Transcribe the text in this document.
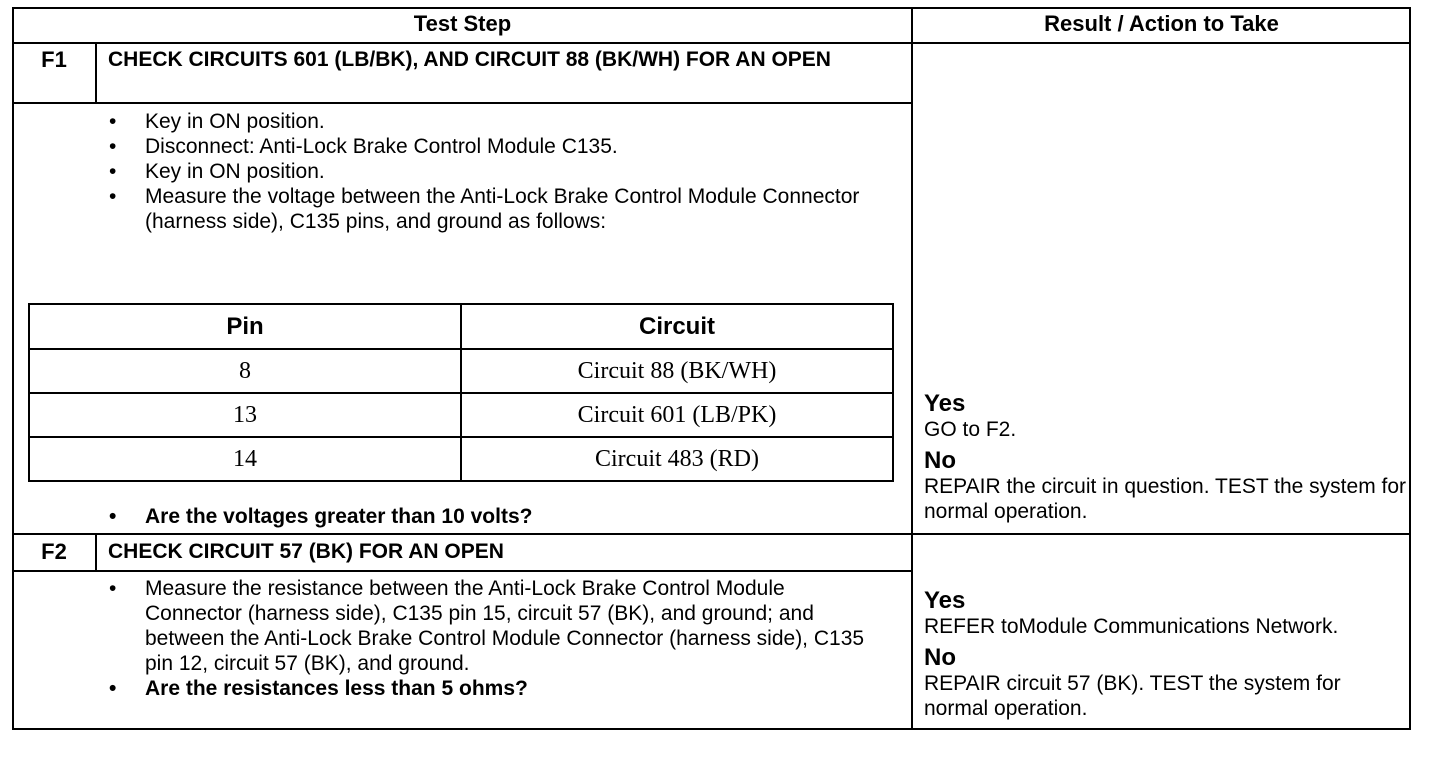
Test Step	Result / Action to Take
F1	CHECK CIRCUITS 601 (LB/BK), AND CIRCUIT 88 (BK/WH) FOR AN OPEN
• Key in ON position.
• Disconnect: Anti-Lock Brake Control Module C135.
• Key in ON position.
• Measure the voltage between the Anti-Lock Brake Control Module Connector (harness side), C135 pins, and ground as follows:
Pin	Circuit
8	Circuit 88 (BK/WH)
13	Circuit 601 (LB/PK)
14	Circuit 483 (RD)
• Are the voltages greater than 10 volts?
Yes
GO to F2.
No
REPAIR the circuit in question. TEST the system for normal operation.
F2	CHECK CIRCUIT 57 (BK) FOR AN OPEN
• Measure the resistance between the Anti-Lock Brake Control Module Connector (harness side), C135 pin 15, circuit 57 (BK), and ground; and between the Anti-Lock Brake Control Module Connector (harness side), C135 pin 12, circuit 57 (BK), and ground.
• Are the resistances less than 5 ohms?
Yes
REFER toModule Communications Network.
No
REPAIR circuit 57 (BK). TEST the system for normal operation.
